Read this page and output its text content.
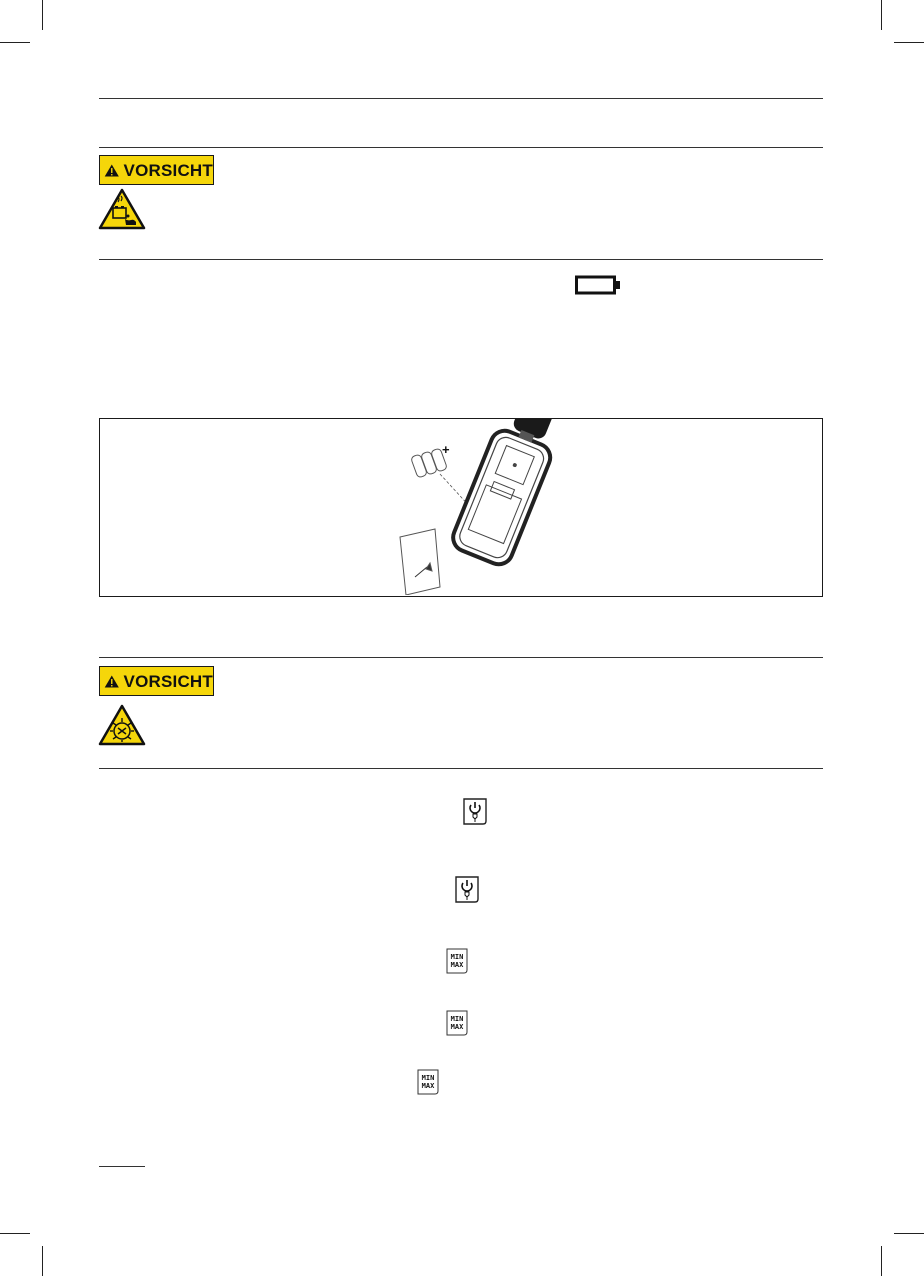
VORSICHT
+
VORSICHT
MIN
MAX
MIN
MAX
MIN
MAX
